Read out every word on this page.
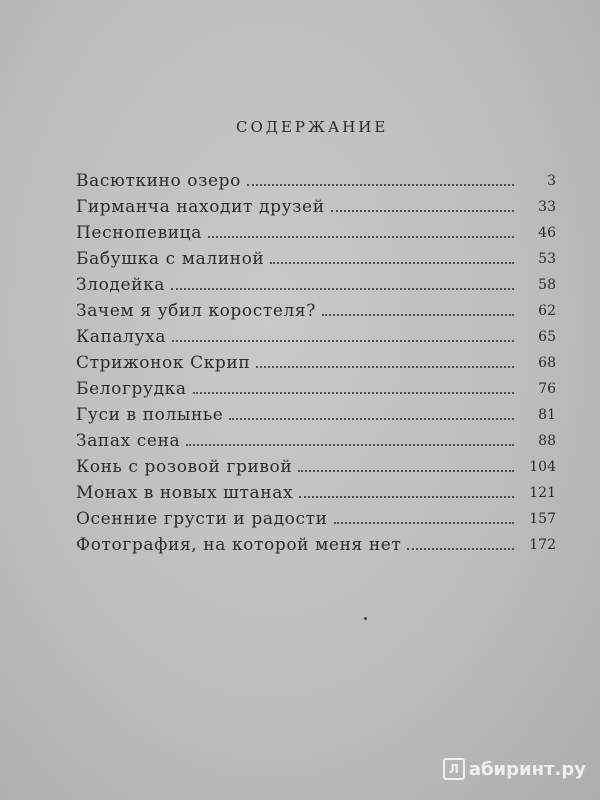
СОДЕРЖАНИЕ
Васюткино озеро	3
Гирманча находит друзей	33
Песнопевица	46
Бабушка с малиной	53
Злодейка	58
Зачем я убил коростеля?	62
Капалуха	65
Стрижонок Скрип	68
Белогрудка	76
Гуси в полынье	81
Запах сена	88
Конь с розовой гривой	104
Монах в новых штанах	121
Осенние грусти и радости	157
Фотография, на которой меня нет	172
Л абиринт.ру
